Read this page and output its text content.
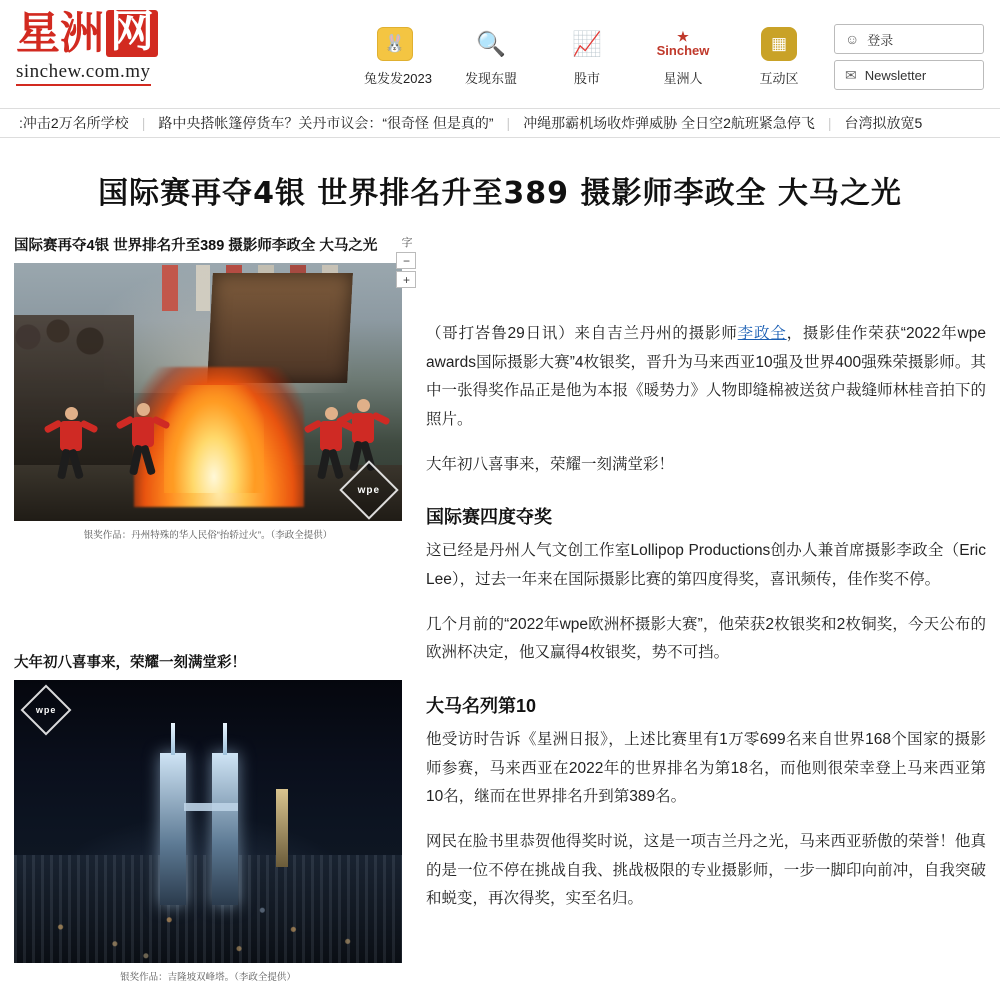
星洲 网
sinchew.com.my
🐰
兔发发2023
🔍
发现东盟
📈
股市
★
Sinchew
星洲人
▦
互动区
☺ 登录
✉ Newsletter
:冲击2万名所学校 | 路中央搭帐篷停货车？关丹市议会：“很奇怪 但是真的” | 冲绳那霸机场收炸弹威胁 全日空2航班紧急停飞 | 台湾拟放宽5
国际赛再夺4银 世界排名升至389 摄影师李政全 大马之光
国际赛再夺4银 世界排名升至389 摄影师李政全 大马之光
wpe
银奖作品：丹州特殊的华人民俗“抬轿过火”。（李政全提供）
大年初八喜事来，荣耀一刻满堂彩！
wpe
银奖作品：吉隆坡双峰塔。（李政全提供）
字
−
+

（哥打峇鲁29日讯）来自吉兰丹州的摄影师李政全，摄影佳作荣获“2022年wpe awards国际摄影大赛”4枚银奖，晋升为马来西亚10强及世界400强殊荣摄影师。其中一张得奖作品正是他为本报《暖势力》人物即缝棉被送贫户裁缝师林桂音拍下的照片。

大年初八喜事来，荣耀一刻满堂彩！

国际赛四度夺奖

这已经是丹州人气文创工作室Lollipop Productions创办人兼首席摄影李政全（Eric Lee），过去一年来在国际摄影比赛的第四度得奖，喜讯频传，佳作奖不停。

几个月前的“2022年wpe欧洲杯摄影大赛”，他荣获2枚银奖和2枚铜奖，今天公布的欧洲杯决定，他又赢得4枚银奖，势不可挡。

大马名列第10

他受访时告诉《星洲日报》，上述比赛里有1万零699名来自世界168个国家的摄影师参赛，马来西亚在2022年的世界排名为第18名，而他则很荣幸登上马来西亚第10名，继而在世界排名升到第389名。

网民在脸书里恭贺他得奖时说，这是一项吉兰丹之光，马来西亚骄傲的荣誉！他真的是一位不停在挑战自我、挑战极限的专业摄影师，一步一脚印向前冲，自我突破和蜕变，再次得奖，实至名归。
